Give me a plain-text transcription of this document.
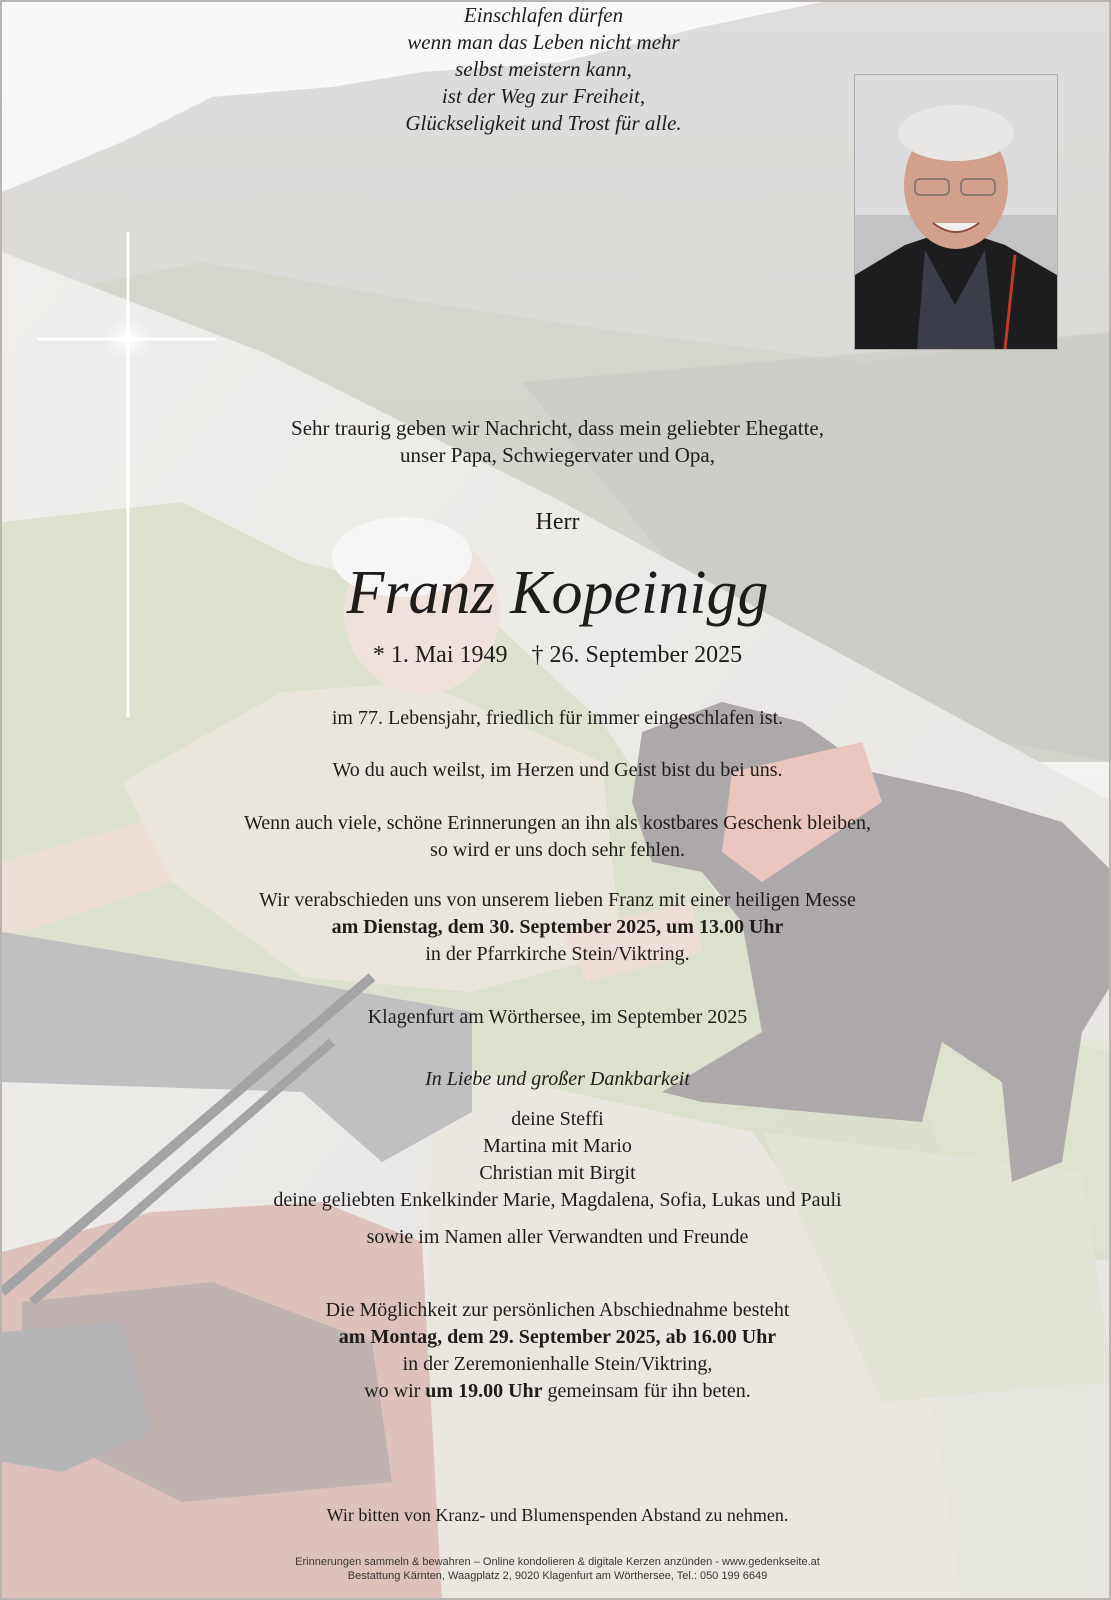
Einschlafen dürfen
wenn man das Leben nicht mehr
selbst meistern kann,
ist der Weg zur Freiheit,
Glückseligkeit und Trost für alle.
Sehr traurig geben wir Nachricht, dass mein geliebter Ehegatte,
unser Papa, Schwiegervater und Opa,
Herr
Franz Kopeinigg
* 1. Mai 1949 † 26. September 2025
im 77. Lebensjahr, friedlich für immer eingeschlafen ist.
Wo du auch weilst, im Herzen und Geist bist du bei uns.
Wenn auch viele, schöne Erinnerungen an ihn als kostbares Geschenk bleiben,
so wird er uns doch sehr fehlen.
Wir verabschieden uns von unserem lieben Franz mit einer heiligen Messe
am Dienstag, dem 30. September 2025, um 13.00 Uhr
in der Pfarrkirche Stein/Viktring.
Klagenfurt am Wörthersee, im September 2025
In Liebe und großer Dankbarkeit
deine Steffi
Martina mit Mario
Christian mit Birgit
deine geliebten Enkelkinder Marie, Magdalena, Sofia, Lukas und Pauli
sowie im Namen aller Verwandten und Freunde
Die Möglichkeit zur persönlichen Abschiednahme besteht
am Montag, dem 29. September 2025, ab 16.00 Uhr
in der Zeremonienhalle Stein/Viktring,
wo wir um 19.00 Uhr gemeinsam für ihn beten.
Wir bitten von Kranz- und Blumenspenden Abstand zu nehmen.
Erinnerungen sammeln & bewahren – Online kondolieren & digitale Kerzen anzünden - www.gedenkseite.at
Bestattung Kärnten, Waagplatz 2, 9020 Klagenfurt am Wörthersee, Tel.: 050 199 6649
